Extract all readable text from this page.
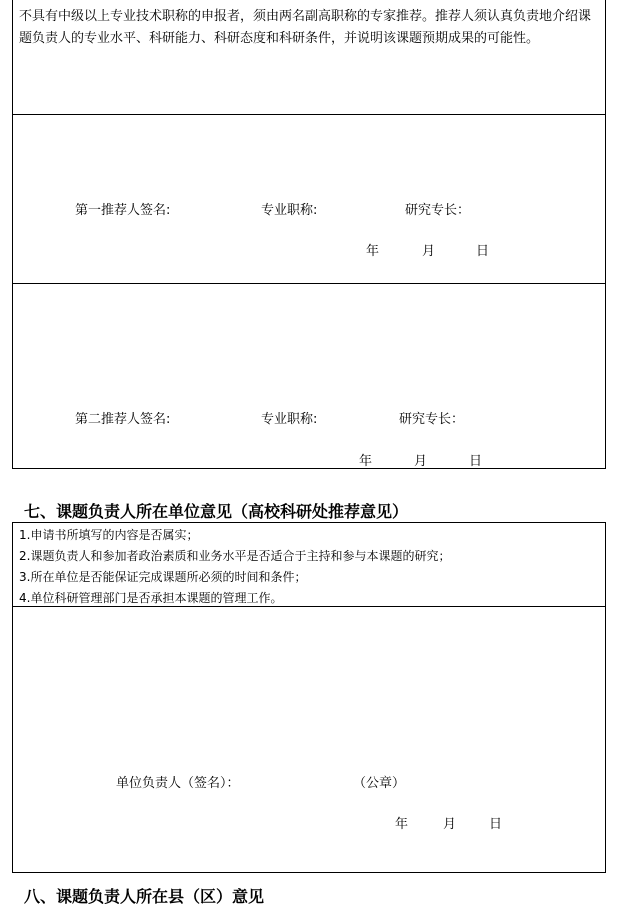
不具有中级以上专业技术职称的申报者，须由两名副高职称的专家推荐。推荐人须认真负责地介绍课题负责人的专业水平、科研能力、科研态度和科研条件，并说明该课题预期成果的可能性。
第一推荐人签名:	专业职称:	研究专长：
年	月	日
第二推荐人签名:	专业职称:	研究专长：
年	月	日
七、课题负责人所在单位意见（高校科研处推荐意见）
1.申请书所填写的内容是否属实；
2.课题负责人和参加者政治素质和业务水平是否适合于主持和参与本课题的研究；
3.所在单位是否能保证完成课题所必须的时间和条件；
4.单位科研管理部门是否承担本课题的管理工作。
单位负责人（签名）：	（公章）
年	月	日
八、课题负责人所在县（区）意见
